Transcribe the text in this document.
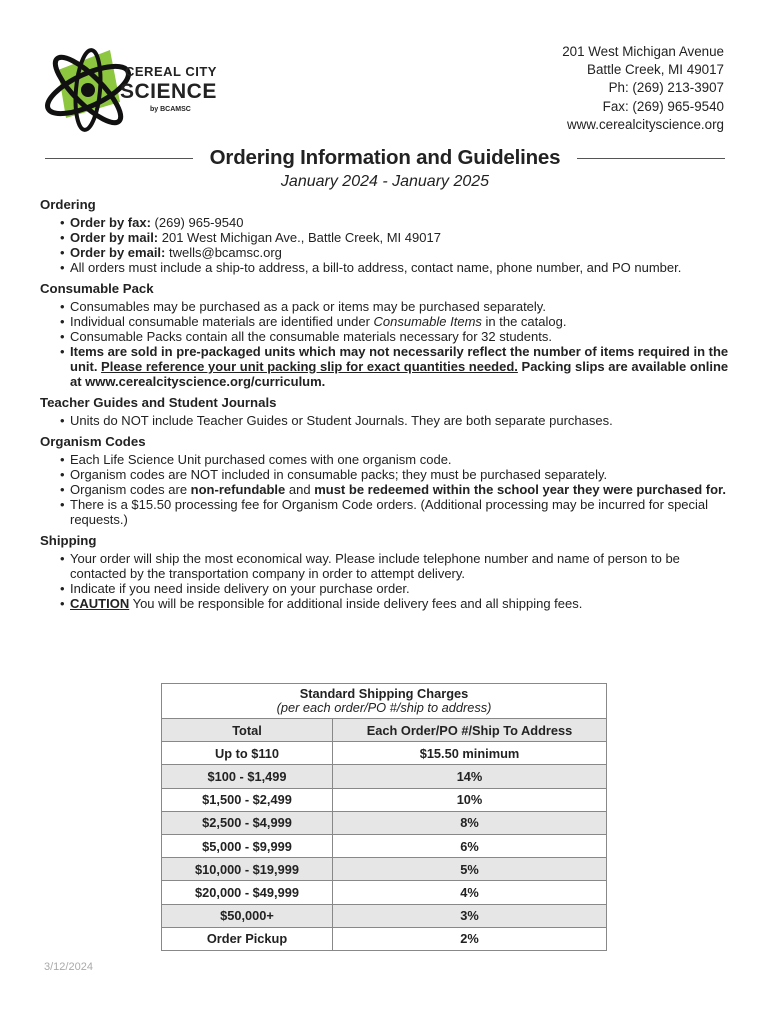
CEREAL CITY
SCIENCE
by BCAMSC
201 West Michigan Avenue
Battle Creek, MI 49017
Ph: (269) 213-3907
Fax: (269) 965-9540
www.cerealcityscience.org
Ordering Information and Guidelines
January 2024 - January 2025
Ordering
• Order by fax: (269) 965-9540
• Order by mail: 201 West Michigan Ave., Battle Creek, MI 49017
• Order by email: twells@bcamsc.org
• All orders must include a ship-to address, a bill-to address, contact name, phone number, and PO number.
Consumable Pack
• Consumables may be purchased as a pack or items may be purchased separately.
• Individual consumable materials are identified under Consumable Items in the catalog.
• Consumable Packs contain all the consumable materials necessary for 32 students.
• Items are sold in pre-packaged units which may not necessarily reflect the number of items required in the unit. Please reference your unit packing slip for exact quantities needed. Packing slips are available online at www.cerealcityscience.org/curriculum.
Teacher Guides and Student Journals
• Units do NOT include Teacher Guides or Student Journals. They are both separate purchases.
Organism Codes
• Each Life Science Unit purchased comes with one organism code.
• Organism codes are NOT included in consumable packs; they must be purchased separately.
• Organism codes are non-refundable and must be redeemed within the school year they were purchased for.
• There is a $15.50 processing fee for Organism Code orders. (Additional processing may be incurred for special requests.)
Shipping
• Your order will ship the most economical way. Please include telephone number and name of person to be contacted by the transportation company in order to attempt delivery.
• Indicate if you need inside delivery on your purchase order.
• CAUTION You will be responsible for additional inside delivery fees and all shipping fees.
Standard Shipping Charges
(per each order/PO #/ship to address)	

Total	Each Order/PO #/Ship To Address
Up to $110	$15.50 minimum
$100 - $1,499	14%
$1,500 - $2,499	10%
$2,500 - $4,999	8%
$5,000 - $9,999	6%
$10,000 - $19,999	5%
$20,000 - $49,999	4%
$50,000+	3%
Order Pickup	2%
3/12/2024
